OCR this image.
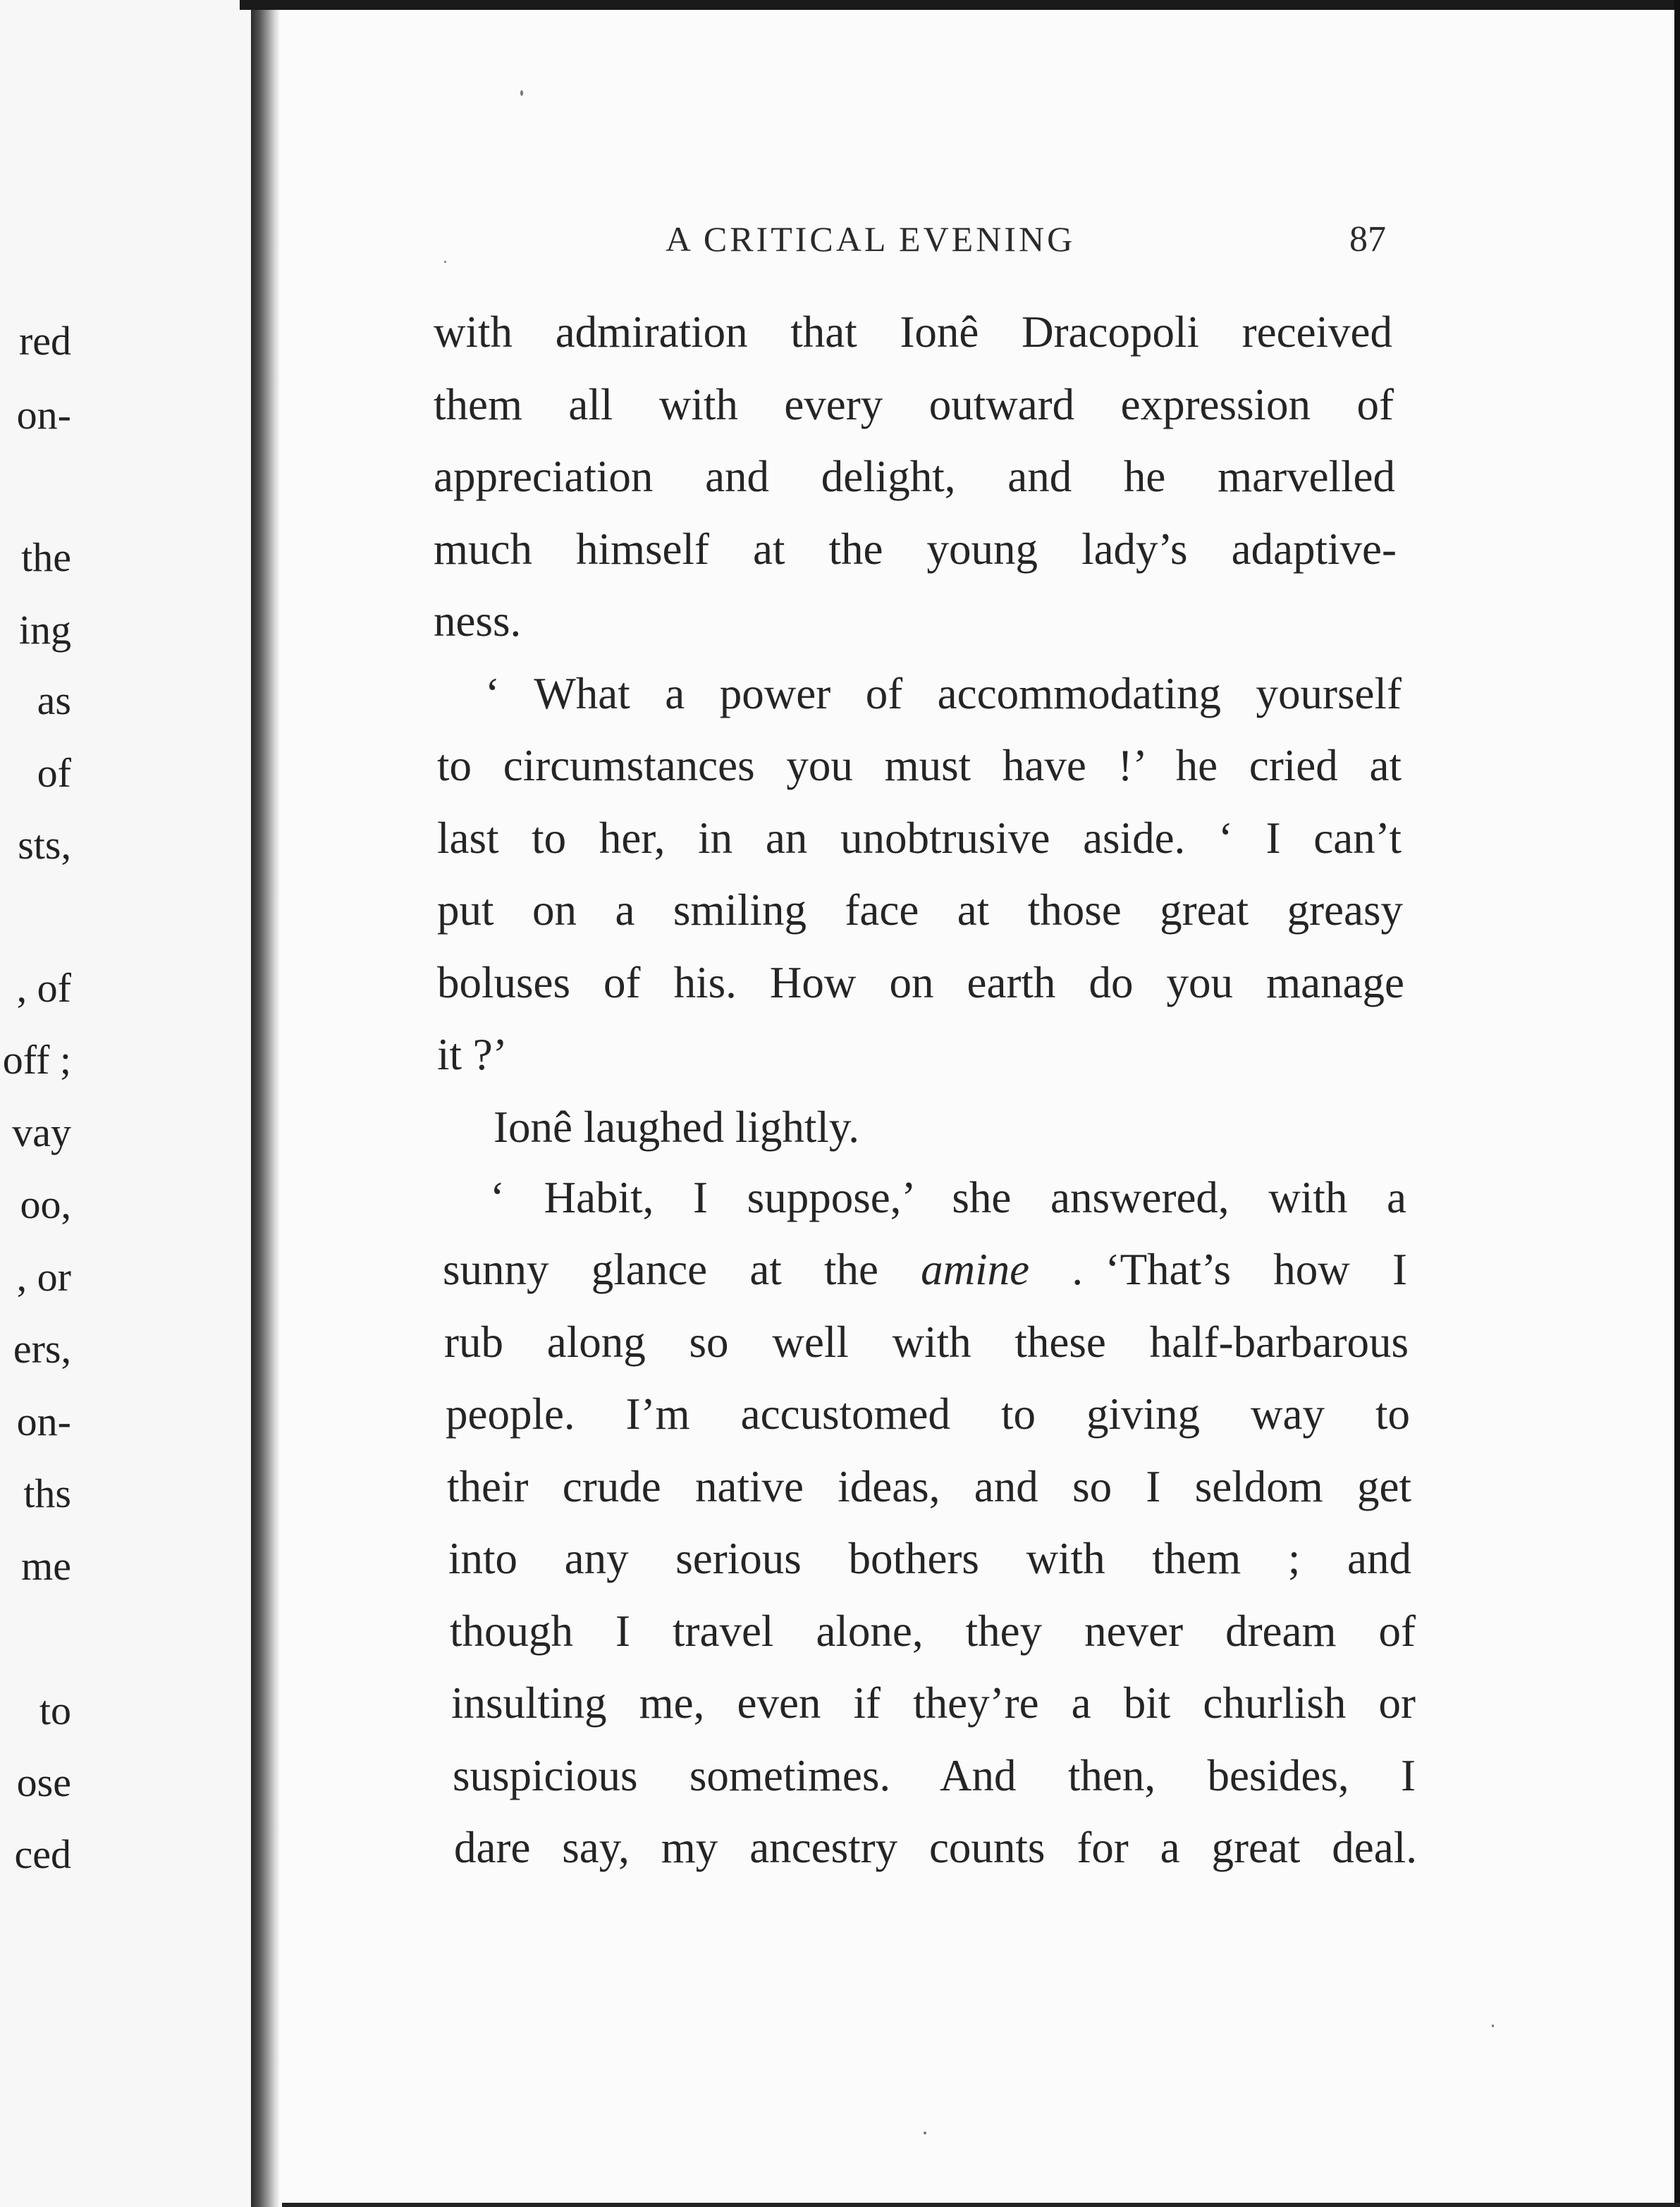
red
on-
the
ing
as
of
sts,
, of
off ;
vay
oo,
, or
ers,
on-
ths
me
to
ose
ced
A CRITICAL EVENING	87
with admiration that Ionê Dracopoli received
them all with every outward expression of
appreciation and delight, and he marvelled
much himself at the young lady’s adaptive-
ness.
‘ What a power of accommodating yourself
to circumstances you must have !’ he cried at
last to her, in an unobtrusive aside. ‘ I can’t
put on a smiling face at those great greasy
boluses of his. How on earth do you manage
it ?’
Ionê laughed lightly.
‘ Habit, I suppose,’ she answered, with a
sunny glance at the amine .  ‘That’s how I
rub along so well with these half-barbarous
people. I’m accustomed to giving way to
their crude native ideas, and so I seldom get
into any serious bothers with them ; and
though I travel alone, they never dream of
insulting me, even if they’re a bit churlish or
suspicious sometimes. And then, besides, I
dare say, my ancestry counts for a great deal.
